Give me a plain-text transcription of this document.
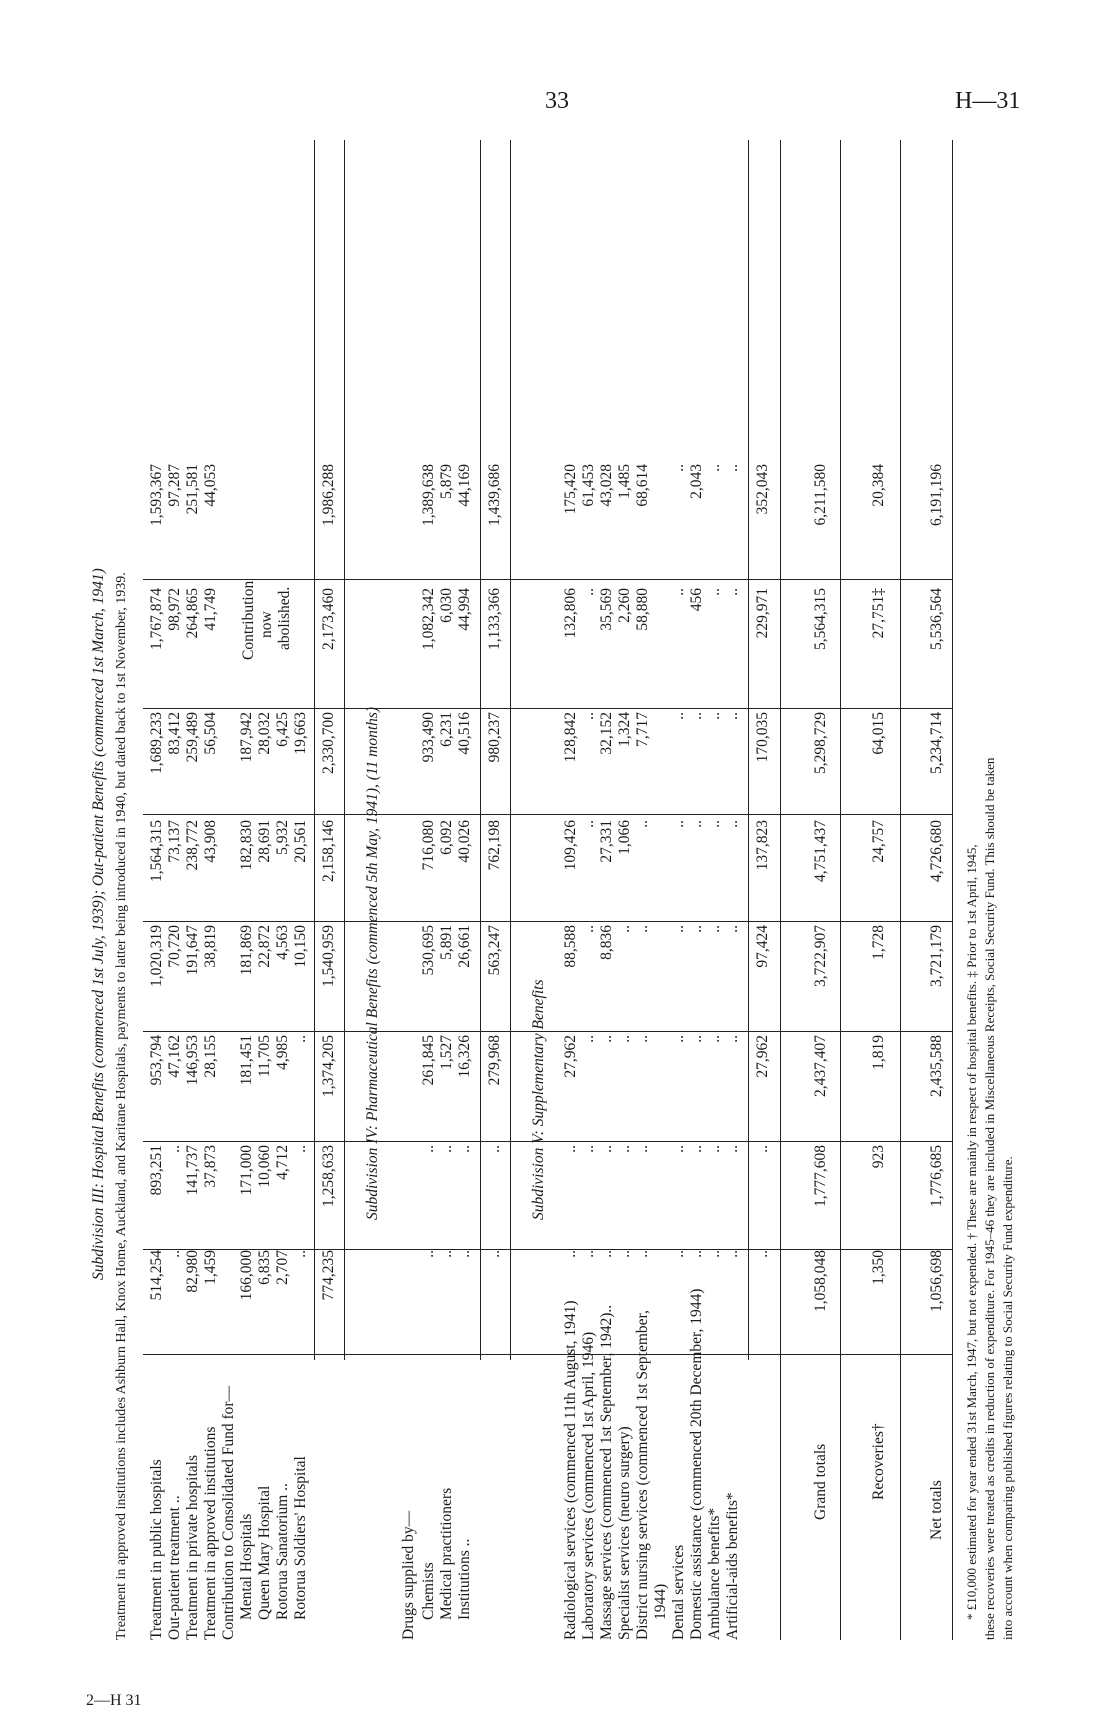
33	H—31
2—H 31
Subdivision III: Hospital Benefits (commenced 1st July, 1939); Out-patient Benefits (commenced 1st March, 1941) Treatment in approved institutions includes Ashburn Hall, Knox Home, Auckland, and Karitane Hospitals, payments to latter being introduced in 1940, but dated back to 1st November, 1939. Treatment in public hospitals
514,254
893,251
953,794
1,020,319
1,564,315
1,689,233
1,767,874
1,593,367
Out-patient treatment ..
..
..
47,162
70,720
73,137
83,412
98,972
97,287
Treatment in private hospitals
82,980
141,737
146,953
191,647
238,772
259,489
264,865
251,581
Treatment in approved institutions
1,459
37,873
28,155
38,819
43,908
56,504
41,749
44,053
Contribution to Consolidated Fund for— Mental Hospitals
166,000
171,000
181,451
181,869
182,830
187,942
Queen Mary Hospital
6,835
10,060
11,705
22,872
28,691
28,032
Rotorua Sanatorium ..
2,707
4,712
4,985
4,563
5,932
6,425
Rotorua Soldiers' Hospital
..
..
..
10,150
20,561
19,663
Contribution now abolished.
774,235
1,258,633
1,374,205
1,540,959
2,158,146
2,330,700
2,173,460
1,986,288
Subdivision IV: Pharmaceutical Benefits (commenced 5th May, 1941), (11 months)
Drugs supplied by— Chemists
..
..
261,845
530,695
716,080
933,490
1,082,342
1,389,638
Medical practitioners
..
..
1,527
5,891
6,092
6,231
6,030
5,879
Institutions ..
..
..
16,326
26,661
40,026
40,516
44,994
44,169
..
..
279,968
563,247
762,198
980,237
1,133,366
1,439,686
Subdivision V: Supplementary Benefits
Radiological services (commenced 11th August, 1941)
..
..
27,962
88,588
109,426
128,842
132,806
175,420
Laboratory services (commenced 1st April, 1946)
..
..
..
..
..
..
..
61,453
Massage services (commenced 1st September, 1942)..
..
..
..
8,836
27,331
32,152
35,569
43,028
Specialist services (neuro surgery)
..
..
..
..
1,066
1,324
2,260
1,485
District nursing services (commenced 1st September,
..
..
..
..
..
7,717
58,880
68,614
1944) Dental services
..
..
..
..
..
..
..
..
Domestic assistance (commenced 20th December, 1944)
..
..
..
..
..
..
456
2,043
Ambulance benefits*
..
..
..
..
..
..
..
..
Artificial-aids benefits*
..
..
..
..
..
..
..
..
..
..
27,962
97,424
137,823
170,035
229,971
352,043
Grand totals
1,058,048
1,777,608
2,437,407
3,722,907
4,751,437
5,298,729
5,564,315
6,211,580
Recoveries†
1,350
923
1,819
1,728
24,757
64,015
27,751‡
20,384
Net totals
1,056,698
1,776,685
2,435,588
3,721,179
4,726,680
5,234,714
5,536,564
6,191,196
* £10,000 estimated for year ended 31st March, 1947, but not expended. † These are mainly in respect of hospital benefits. ‡ Prior to 1st April, 1945, these recoveries were treated as credits in reduction of expenditure. For 1945–46 they are included in Miscellaneous Receipts, Social Security Fund. This should be taken into account when comparing published figures relating to Social Security Fund expenditure.
